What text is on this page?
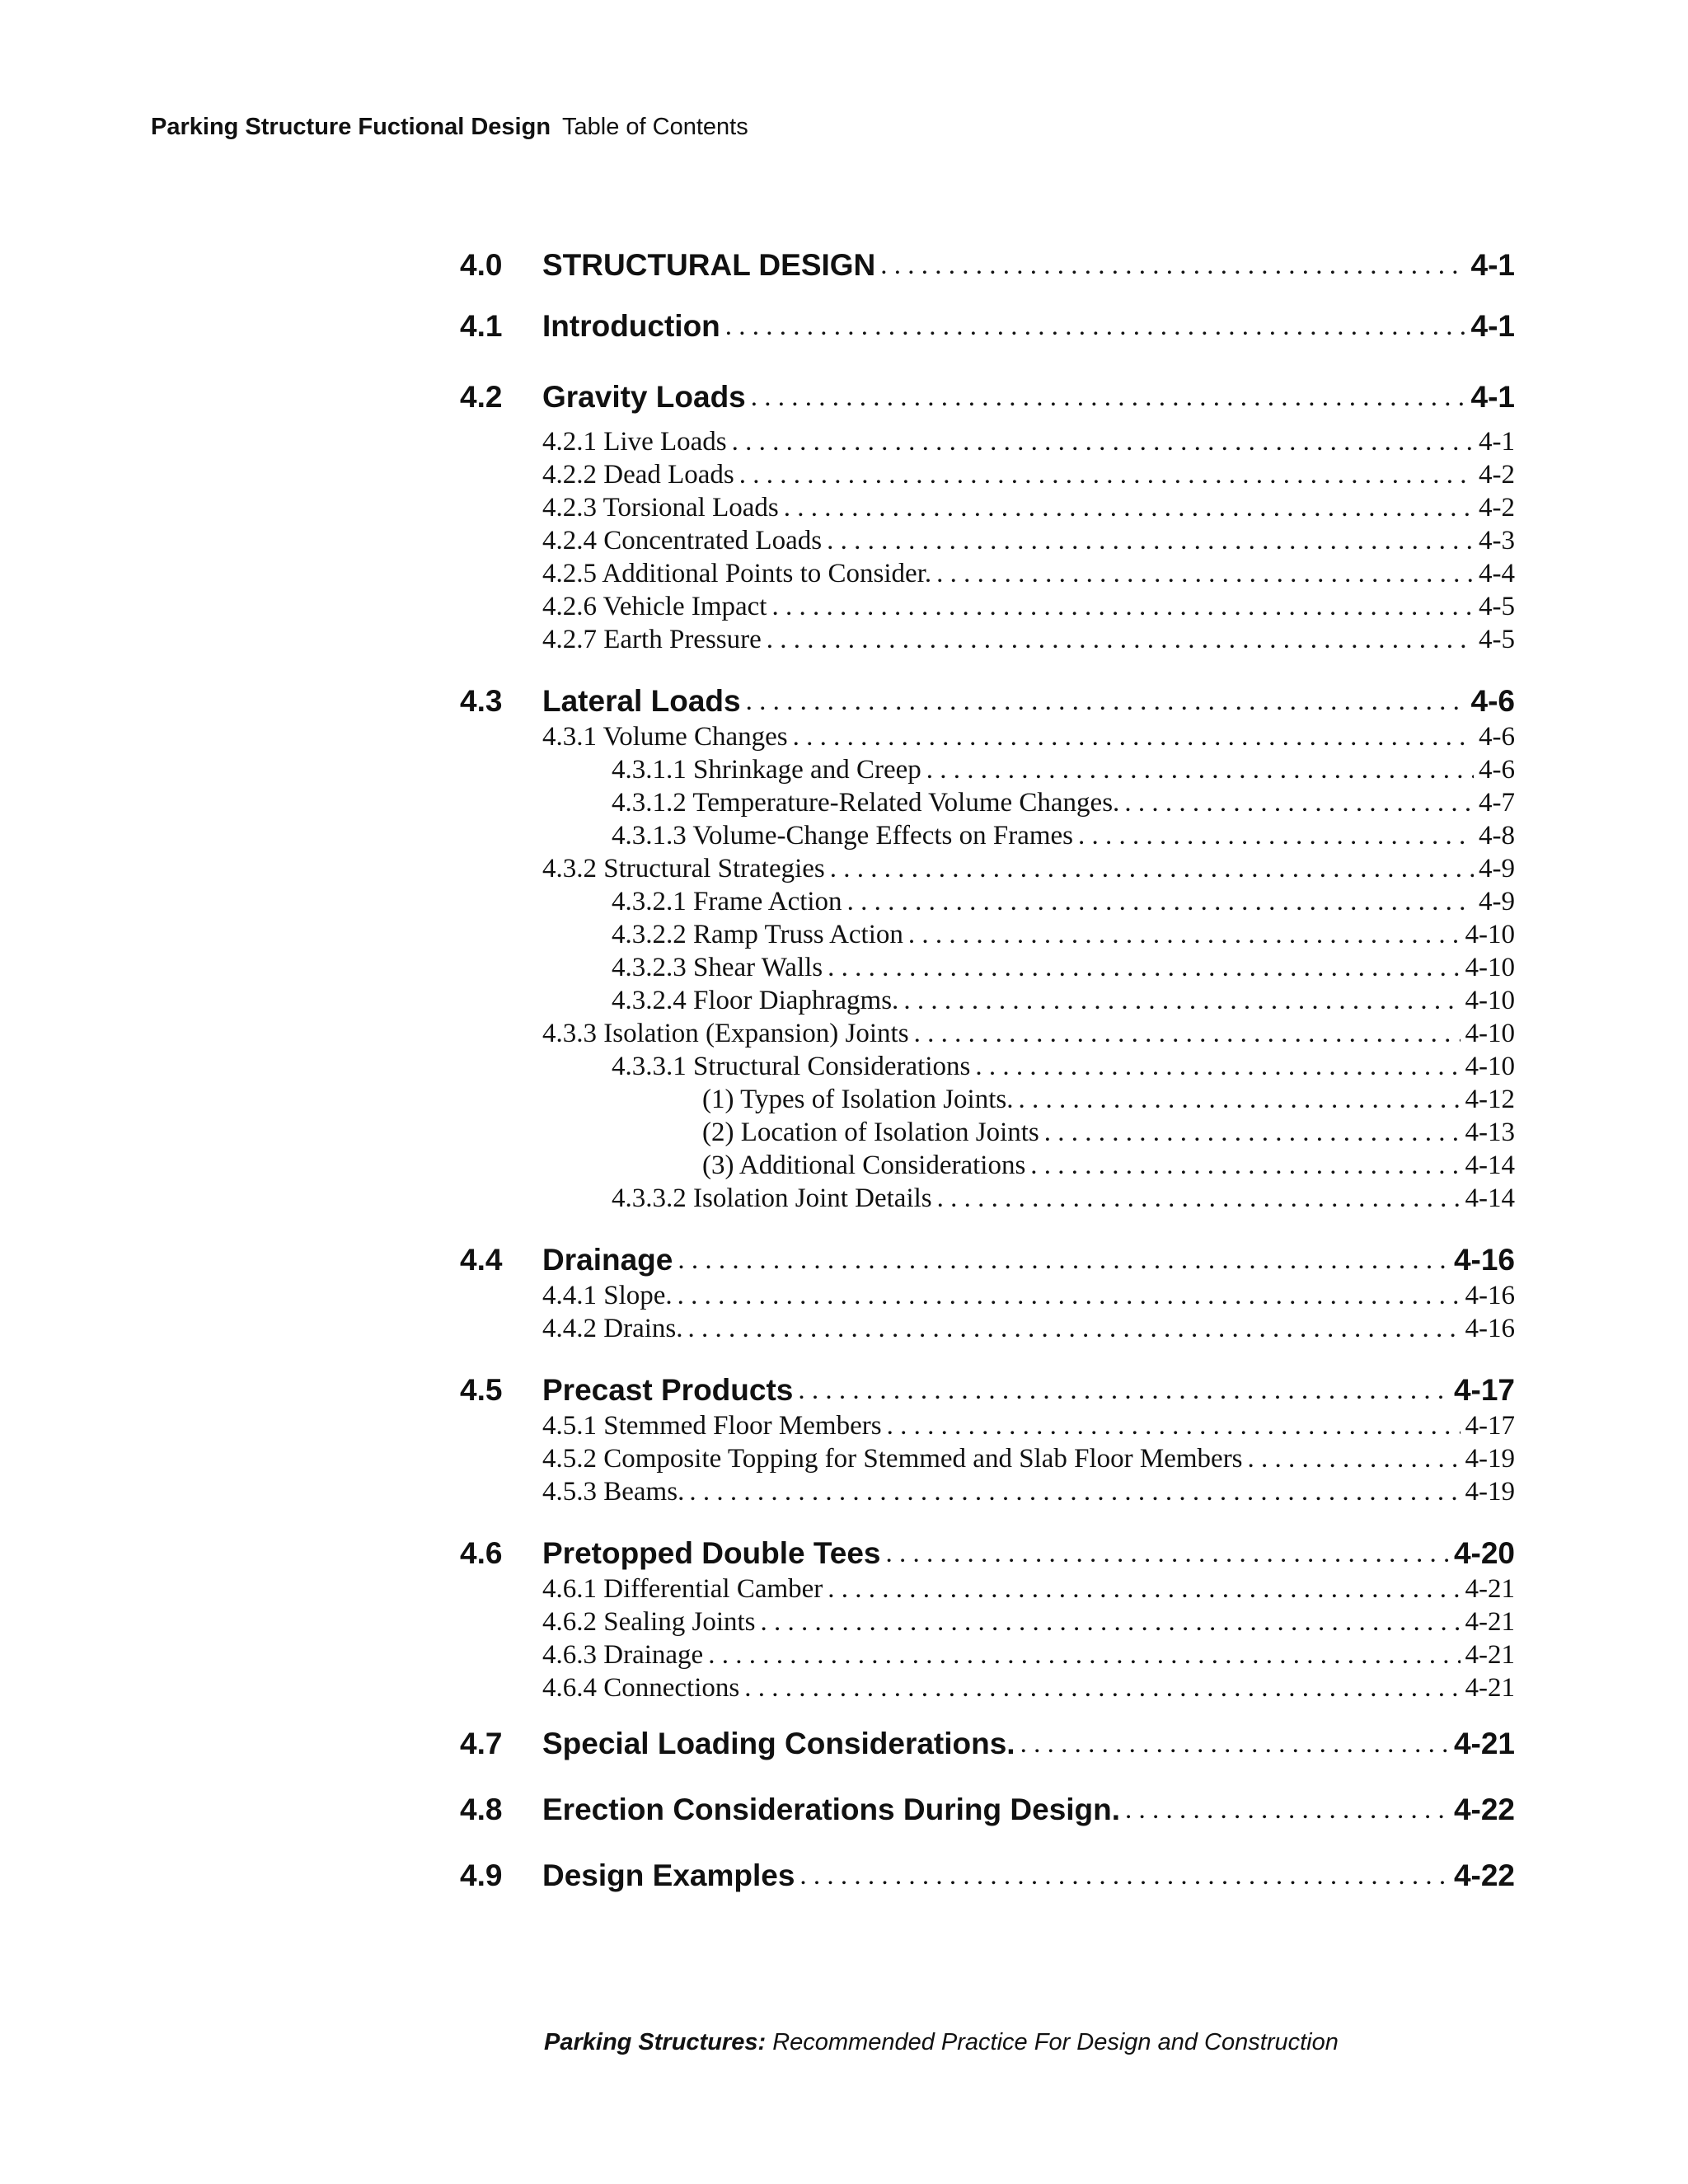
Parking Structure Fuctional Design Table of Contents
4.0	STRUCTURAL DESIGN . . .	4-1
4.1	Introduction . . .	4-1
4.2	Gravity Loads . . .	4-1
4.2.1 Live Loads . . .	4-1
4.2.2 Dead Loads . . .	4-2
4.2.3 Torsional Loads . . .	4-2
4.2.4 Concentrated Loads . . .	4-3
4.2.5 Additional Points to Consider. . . .	4-4
4.2.6 Vehicle Impact . . .	4-5
4.2.7 Earth Pressure . . .	4-5
4.3	Lateral Loads . . .	4-6
4.3.1 Volume Changes . . .	4-6
4.3.1.1 Shrinkage and Creep . . .	4-6
4.3.1.2 Temperature-Related Volume Changes. . . .	4-7
4.3.1.3 Volume-Change Effects on Frames . . .	4-8
4.3.2 Structural Strategies . . .	4-9
4.3.2.1 Frame Action . . .	4-9
4.3.2.2 Ramp Truss Action . . .	4-10
4.3.2.3 Shear Walls . . .	4-10
4.3.2.4 Floor Diaphragms. . . .	4-10
4.3.3 Isolation (Expansion) Joints . . .	4-10
4.3.3.1 Structural Considerations . . .	4-10
(1) Types of Isolation Joints. . . .	4-12
(2) Location of Isolation Joints . . .	4-13
(3) Additional Considerations . . .	4-14
4.3.3.2 Isolation Joint Details . . .	4-14
4.4	Drainage . . .	4-16
4.4.1 Slope. . . .	4-16
4.4.2 Drains. . . .	4-16
4.5	Precast Products . . .	4-17
4.5.1 Stemmed Floor Members . . .	4-17
4.5.2 Composite Topping for Stemmed and Slab Floor Members . . .	4-19
4.5.3 Beams. . . .	4-19
4.6	Pretopped Double Tees . . .	4-20
4.6.1 Differential Camber . . .	4-21
4.6.2 Sealing Joints . . .	4-21
4.6.3 Drainage . . .	4-21
4.6.4 Connections . . .	4-21
4.7	Special Loading Considerations. . . .	4-21
4.8	Erection Considerations During Design. . . .	4-22
4.9	Design Examples . . .	4-22
Parking Structures: Recommended Practice For Design and Construction
